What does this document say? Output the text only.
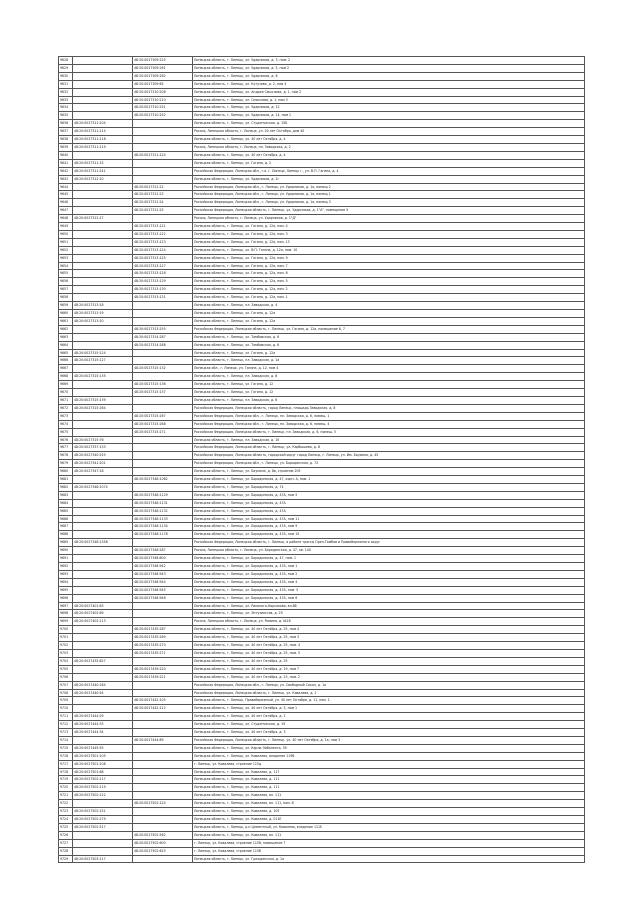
9628		48:20:0027309:225	Липецкая область, г. Липецк, ул. Ударников, д. 3, пом. 2
9629		48:20:0027309:261	Липецкая область, г. Липецк, ул. Ударников, д. 5, пом 2
9630		48:20:0027309:262	Липецкая область, г. Липецк, ул. Ударников, д. 6
9631		48:20:0027309:65	Липецкая область, г. Липецк, ул. Кутузова, д. 2, пом 4
9632		48:20:0027310:208	Липецкая область, г. Липецк, ул. Андрея Смыслова, д. 1, пом 2
9633		48:20:0027310:210	Липецкая область, г. Липецк, ул. Смыслова, д. 1, пом 3
9634		48:20:0027310:251	Липецкая область, г. Липецк, ул. Ударников, д. 12
9635		48:20:0027310:252	Липецкая область, г. Липецк, ул. Ударников, д. 14, пом 1
9636	48:20:0027311:104		Липецкая область, г. Липецк, ул. Студенческая, д. 15Б
9637	48:20:0027311:114		Россия, Липецкая область, г. Липецк, ул. 40 лет Октября, дом 40
9638	48:20:0027311:118		Липецкая область, г. Липецк, ул. 40 лет Октября, д. 4
9639	48:20:0027311:119		Россия, Липецкая область, г. Липецк, пл. Заводская, д. 2
9640		48:20:0027311:124	Липецкая область, г. Липецк, ул. 40 лет Октября, д. 4
9641	48:20:0027311:15		Липецкая область, г. Липецк, ул. Гагина, д. 2
9642	48:20:0027311:241		Российская Федерация, Липецкая обл., г.о. г. Липецк, Липецк г., ул. В.П. Гагина, д. 4
9643	48:20:0027312:10		Липецкая область, г. Липецк, ул. Ударников, д. 1г
9644		48:20:0027312:22	Российская Федерация, Липецкая обл., г. Липецк, ул. Ударников, д. 1а, помещ 2
9645		48:20:0027312:23	Российская Федерация, Липецкая обл., г. Липецк, ул. Ударников, д. 1а, помещ 1
9646		48:20:0027312:24	Российская Федерация, Липецкая обл., г. Липецк, ул. Ударников, д. 1а, помещ 3
9647		48:20:0027312:25	Российская Федерация, Липецкая область, г. Липецк, ул. Ударников, д. 1"А", помещение 5
9648	48:20:0027312:27		Россия, Липецкая область, г. Липецк, ул. Ударников, д. 1"Д"
9649		48:20:0027313:121	Липецкая область, г. Липецк, ул. Гагина, д. 12а, пом. 4
9650		48:20:0027313:122	Липецкая область, г. Липецк, ул. Гагина, д. 12а, пом. 3
9651		48:20:0027313:123	Липецкая область, г. Липецк, ул. Гагина, д. 12а, пом. 13
9652		48:20:0027313:124	Липецкая область, г. Липецк, ул. В.П. Гагина, д. 12а, пом. 10
9653		48:20:0027313:125	Липецкая область, г. Липецк, ул. Гагина, д. 12а, пом. 9
9654		48:20:0027313:127	Липецкая область, г. Липецк, ул. Гагина, д. 12а, пом. 7
9655		48:20:0027313:128	Липецкая область, г. Липецк, ул. Гагина, д. 12а, пом. 6
9656		48:20:0027313:129	Липецкая область, г. Липецк, ул. Гагина, д. 12а, пом. 5
9657		48:20:0027313:130	Липецкая область, г. Липецк, ул. Гагина, д. 12а, пом. 2
9658		48:20:0027313:131	Липецкая область, г. Липецк, ул. Гагина, д. 12а, пом. 1
9659	48:20:0027313:18		Липецкая область, г. Липецк, пл. Заводская, д. 4
9660	48:20:0027313:19		Липецкая область, г. Липецк, ул. Гагина, д. 12а
9661	48:20:0027313:20		Липецкая область, г. Липецк, ул. Гагина, д. 12а
9662		48:20:0027313:255	Российская Федерация, Липецкая область, г. Липецк, ул. Гагина, д. 12а, помещение 6, 7
9663		48:20:0027314:287	Липецкая область, г. Липецк, ул. Тамбовская, д. 6
9664		48:20:0027314:288	Липецкая область, г. Липецк, ул. Тамбовская, д. 6
9665	48:20:0027315:124		Липецкая область, г. Липецк, ул. Гагина, д. 12а
9666	48:20:0027315:127		Липецкая область, г. Липецк, пл. Заводская, д. 1а
9667		48:20:0027315:132	Липецкая обл., г. Липецк, ул. Гагина, д. 12, пом 4
9668	48:20:0027315:135		Липецкая область, г. Липецк, пл. Заводская, д. 8
9669		48:20:0027315:136	Липецкая область, г. Липецк, ул. Гагина, д. 12
9670		48:20:0027315:137	Липецкая область, г. Липецк, ул. Гагина, д. 12
9671	48:20:0027315:139		Липецкая область, г. Липецк, пл. Заводская, д. 6
9672	48:20:0027315:264		Российская Федерация, Липецкая область, город Липецк, площадь Заводская, д. 8
9673		48:20:0027315:267	Российская Федерация, Липецкая обл., г. Липецк, пл. Заводская, д. 6, помещ. 1
9674		48:20:0027315:268	Российская Федерация, Липецкая обл., г. Липецк, пл. Заводская, д. 6, помещ. 4
9675		48:20:0027315:271	Российская Федерация, Липецкая область, г. Липецк, пл. Заводская, д. 6, помещ. 5
9676	48:20:0027315:76		Липецкая область, г. Липецк, пл. Заводская, д. 10
9677	48:20:0027337:133		Российская Федерация, Липецкая область, г. Липецк, ул. Карбышева, д. 8
9678	48:20:0027340:255		Российская Федерация, Липецкая область, городской округ город Липецк, г. Липецк, ул. Им. Баумана, д. 45
9679	48:20:0027341:201		Российская Федерация, Липецкая обл., г. Липецк, ул. Бородинская, д. 72
9680	48:20:0027347:18		Липецкая область, г. Липецк, ул. Баумана, д. 8в, строение 205
9681		48:20:0027348:1062	Липецкая область, г. Липецк, ул. Бородинская, д. 47, корп. А, пом. 1
9682	48:20:0027348:1074		Липецкая область, г. Липецк, ул. Бородинская, д. 74
9683		48:20:0027348:1129	Липецкая область, г. Липецк, ул. Бородинская, д. 47А, пом 5
9684		48:20:0027348:1131	Липецкая область, г. Липецк, ул. Бородинская, д. 47А
9685		48:20:0027348:1132	Липецкая область, г. Липецк, ул. Бородинская, д. 47А
9686		48:20:0027348:1133	Липецкая область, г. Липецк, ул. Бородинская, д. 47А, пом 11
9687		48:20:0027348:1134	Липецкая область, г. Липецк, ул. Бородинская, д. 47А, пом 9
9688		48:20:0027348:1178	Липецкая область, г. Липецк, ул. Бородинская, д. 47А, пом 15
9689	48:20:0027348:1358		Российская Федерация, Липецкая область, г. Липецк, в районе трассы Орел-Тамбов и Правобережного округ
9690		48:20:0027348:287	Россия, Липецкая область, г. Липецк, ул. Бородинская, д. 47, кв. 140
9691		48:20:0027348:600	Липецкая область, г. Липецк, ул. Бородинская, д. 47, пом. 1
9692		48:20:0027348:942	Липецкая область, г. Липецк, ул. Бородинская, д. 47А, пом 1
9693		48:20:0027348:943	Липецкая область, г. Липецк, ул. Бородинская, д. 47А, пом 2
9694		48:20:0027348:944	Липецкая область, г. Липецк, ул. Бородинская, д. 47А, пом 4
9695		48:20:0027348:945	Липецкая область, г. Липецк, ул. Бородинская, д. 47А, пом. 5
9696		48:20:0027348:946	Липецкая область, г. Липецк, ул. Бородинская, д. 47А, пом 6
9697	48:20:0027401:63		Липецкая область, г. Липецк, ул. Римского-Корсакова, вл.6б
9698	48:20:0027402:69		Липецкая область, г. Липецк, ул. Энтузиастов, д. 25
9699	48:20:0027402:113		Россия, Липецкая область, г. Липецк, ул. Ромина, д. №26
9700		48:20:0027435:287	Липецкая область, г. Липецк, ул. 40 лет Октября, д. 25, пом 4
9701		48:20:0027435:269	Липецкая область, г. Липецк, ул. 40 лет Октября, д. 25, пом 3
9702		48:20:0027435:270	Липецкая область, г. Липецк, ул. 40 лет Октября, д. 25, пом. 4
9703		48:20:0027435:271	Липецкая область, г. Липецк, ул. 40 лет Октября, д. 25, пом. 5
9704	48:20:0027435:827		Липецкая область, г. Липецк, ул. 40 лет Октября, д. 25
9705		48:20:0027439:220	Липецкая область, г. Липецк, ул. 40 лет Октября, д. 19, пом 7
9706		48:20:0027439:221	Липецкая область, г. Липецк, ул. 40 лет Октября, д. 23, пом. 2
9707	48:20:0027440:184		Российская Федерация, Липецкая обл., г. Липецк, ул. Свободный Сокол, д. 1а
9708	48:20:0027440:54		Российская Федерация, Липецкая область, г. Липецк, ул. Ковалева, д. 2
9709		48:20:0027442:105	Липецкая область, г. Липецк, Правобережный, ул. 40 лет Октября, д. 11, пом. 1
9710		48:20:0027442:112	Липецкая область, г. Липецк, ул. 40 лет Октября, д. 5, пом 1
9711	48:20:0027444:29		Липецкая область, г. Липецк, ул. 40 лет Октября, д. 1
9712	48:20:0027444:33		Липецкая область, г. Липецк, ул. Студенческая, д. 19
9713	48:20:0027444:34		Липецкая область, г. Липецк, ул. 40 лет Октября, д. 3
9714		48:20:0027444:69	Российская Федерация, Липецкая область, г. Липецк, ул. 40 лет Октября, д. 1а, пом 3
9715	48:20:0027445:55		Липецкая область, г. Липецк, ул. Карла Либкнехта, 39
9716	48:20:0027501:105		Липецкая область, г. Липецк, ул. Ковалева, владение 119б
9717	48:20:0027501:108		г. Липецк, ул. Ковалева, строение 115д
9718	48:20:0027501:68		Липецкая область, г. Липецк, ул. Ковалева, д. 117
9719	48:20:0027502:117		Липецкая область, г. Липецк, ул. Ковалева, д. 111
9720	48:20:0027502:119		Липецкая область, г. Липецк, ул. Ковалева, д. 111
9721	48:20:0027502:122		Липецкая область, г. Липецк, ул. Ковалева, вл. 111
9722		48:20:0027502:124	Липецкая область, г. Липецк, ул. Ковалева, вл. 111, пом. 8
9723	48:20:0027502:151		Липецкая область, г. Липецк, ул. Ковалева, д. 105
9724	48:20:0027502:279		Липецкая область, г. Липецк, ул. Ковалева, д. 011Е
9725	48:20:0027502:517		Липецкая область, г. Липецк, р-н Цементный, ул. Ковалева, владение 111Е
9726		48:20:0027502:562	Липецкая область, г. Липецк, ул. Ковалева, вл. 111
9727		48:20:0027502:600	г. Липецк, ул. Ковалева, строение 115б, помещение 7
9728		48:20:0027502:625	г. Липецк, ул. Ковалева, строение 115б
9729	48:20:0027503:117		Липецкая область, г. Липецк, ул. Гражданская, д. 1а
